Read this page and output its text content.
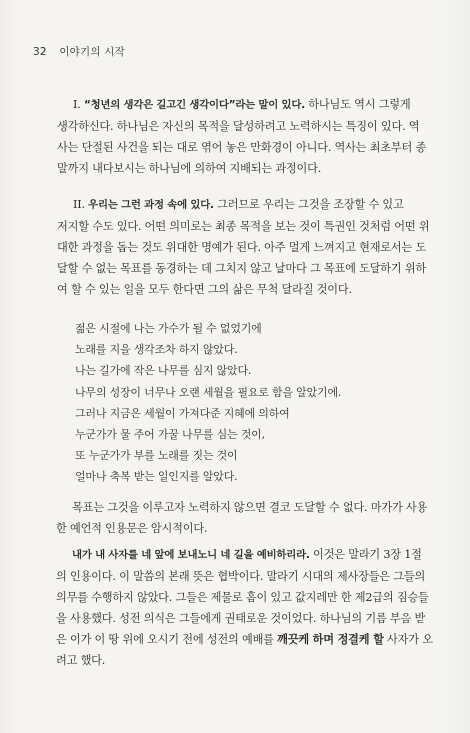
32 이야기의 시작
I. “청년의 생각은 길고긴 생각이다”라는 말이 있다. 하나님도 역시 그렇게
생각하신다. 하나님은 자신의 목적을 달성하려고 노력하시는 특징이 있다. 역
사는 단절된 사건을 되는 대로 엮어 놓은 만화경이 아니다. 역사는 최초부터 종
말까지 내다보시는 하나님에 의하여 지배되는 과정이다.
II. 우리는 그런 과정 속에 있다. 그러므로 우리는 그것을 조장할 수 있고
저지할 수도 있다. 어떤 의미로는 최종 목적을 보는 것이 특권인 것처럼 어떤 위
대한 과정을 돕는 것도 위대한 명예가 된다. 아주 멀게 느껴지고 현재로서는 도
달할 수 없는 목표를 동경하는 데 그치지 않고 날마다 그 목표에 도달하기 위하
여 할 수 있는 일을 모두 한다면 그의 삶은 무척 달라질 것이다.
젊은 시절에 나는 가수가 될 수 없었기에
노래를 지을 생각조차 하지 않았다.
나는 길가에 작은 나무를 심지 않았다.
나무의 성장이 너무나 오랜 세월을 필요로 함을 알았기에.
그러나 지금은 세월이 가져다준 지혜에 의하여
누군가가 물 주어 가꿀 나무를 심는 것이,
또 누군가가 부를 노래를 짓는 것이
얼마나 축복 받는 일인지를 알았다.
목표는 그것을 이루고자 노력하지 않으면 결코 도달할 수 없다. 마가가 사용
한 예언적 인용문은 암시적이다.
내가 내 사자를 네 앞에 보내노니 네 길을 예비하리라. 이것은 말라기 3장 1절
의 인용이다. 이 말씀의 본래 뜻은 협박이다. 말라기 시대의 제사장들은 그들의
의무를 수행하지 않았다. 그들은 제물로 흠이 있고 값지레만 한 제2급의 짐승들
을 사용했다. 성전 의식은 그들에게 권태로운 것이었다. 하나님의 기름 부음 받
은 이가 이 땅 위에 오시기 전에 성전의 예배를 깨끗케 하며 정결케 할 사자가 오
려고 했다.
